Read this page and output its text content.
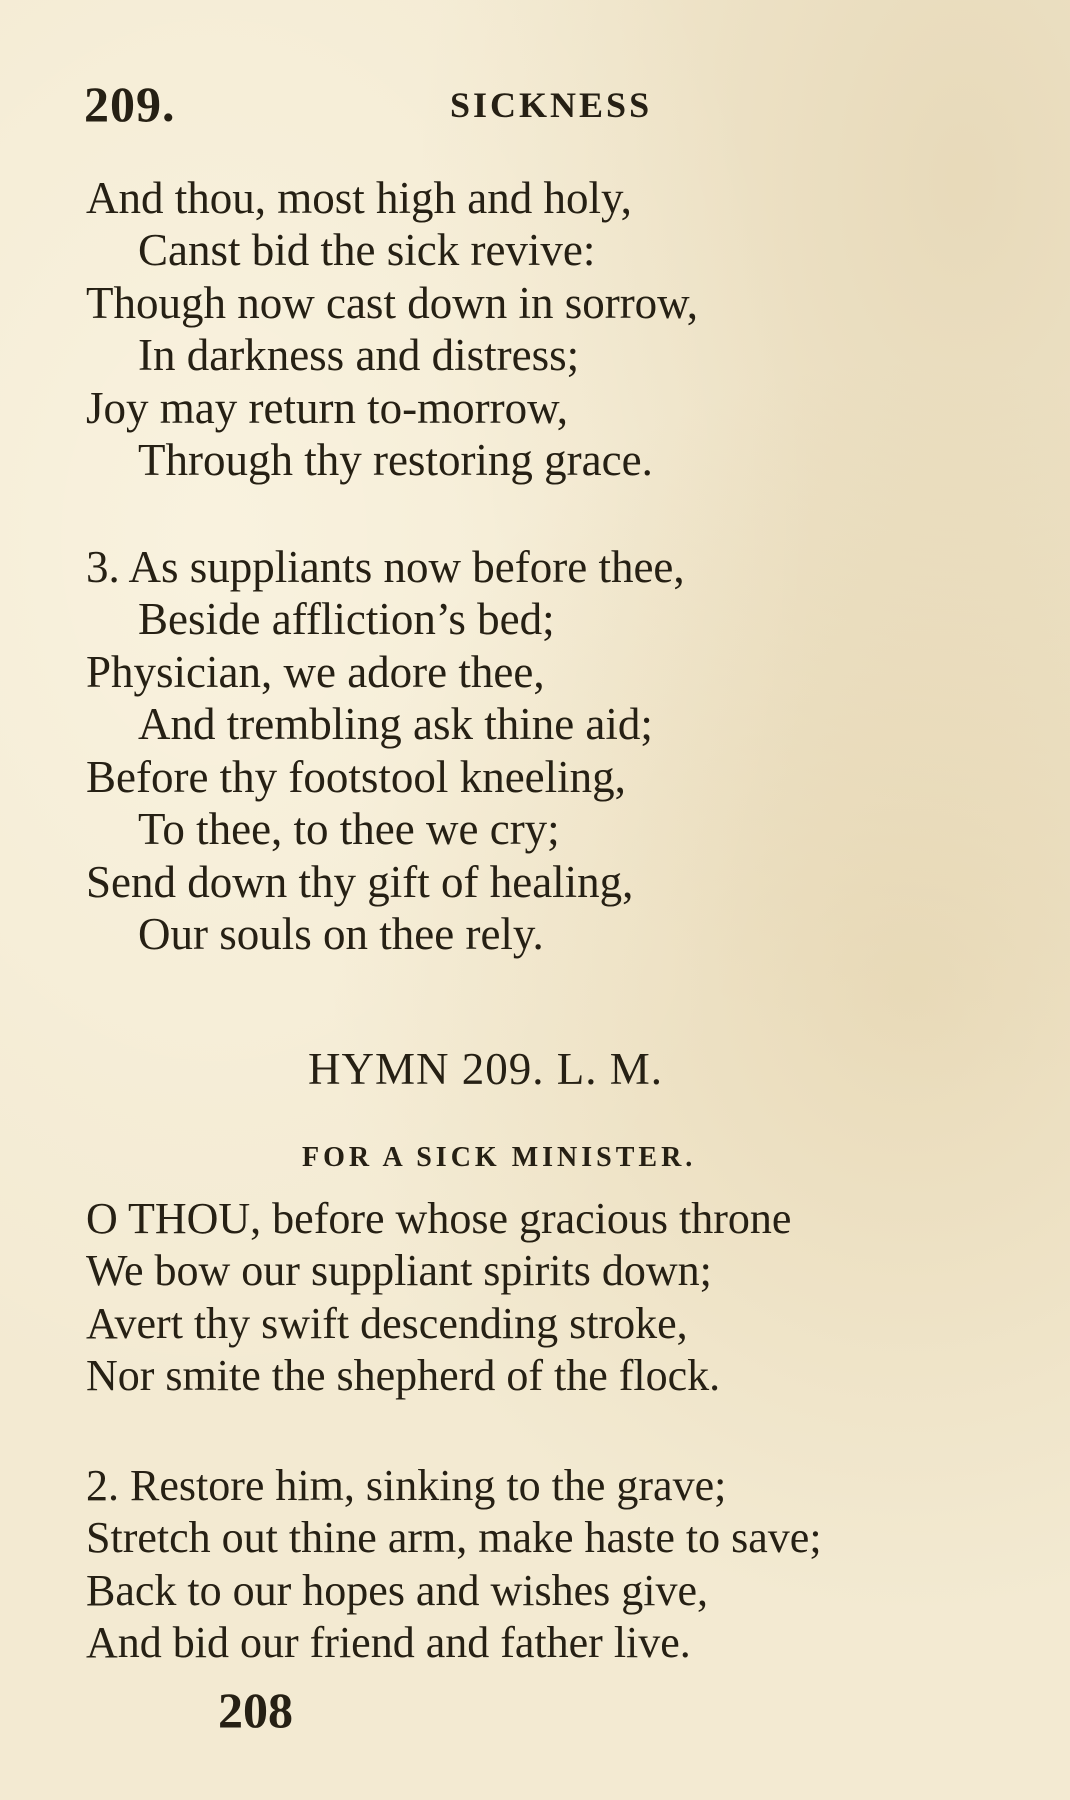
209.	SICKNESS
And thou, most high and holy,
Canst bid the sick revive:
Though now cast down in sorrow,
In darkness and distress;
Joy may return to-morrow,
Through thy restoring grace.
3. As suppliants now before thee,
Beside affliction’s bed;
Physician, we adore thee,
And trembling ask thine aid;
Before thy footstool kneeling,
To thee, to thee we cry;
Send down thy gift of healing,
Our souls on thee rely.
HYMN 209. L. M.
FOR A SICK MINISTER.
O THOU, before whose gracious throne
We bow our suppliant spirits down;
Avert thy swift descending stroke,
Nor smite the shepherd of the flock.
2. Restore him, sinking to the grave;
Stretch out thine arm, make haste to save;
Back to our hopes and wishes give,
And bid our friend and father live.
208
